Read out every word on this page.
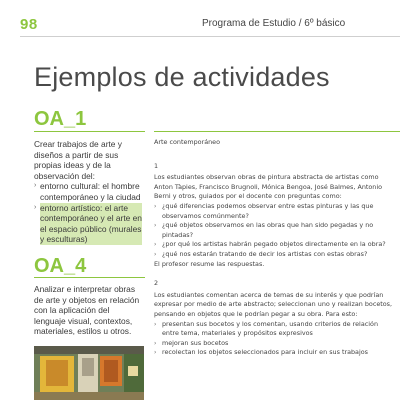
98	Programa de Estudio / 6º básico
Ejemplos de actividades
OA_1

Crear trabajos de arte y diseños a partir de sus propias ideas y de la observación del:

› entorno cultural: el hombre contemporáneo y la ciudad
› entorno artístico: el arte contemporáneo y el arte en el espacio público (murales y esculturas)
OA_4

Analizar e interpretar obras de arte y objetos en relación con la aplicación del lenguaje visual, contextos, materiales, estilos u otros.

Arte contemporáneo
1

Los estudiantes observan obras de pintura abstracta de artistas como Anton Tàpies, Francisco Brugnoli, Mónica Bengoa, José Balmes, Antonio Berni y otros, guiados por el docente con preguntas como:

› ¿qué diferencias podemos observar entre estas pinturas y las que observamos comúnmente?
› ¿qué objetos observamos en las obras que han sido pegadas y no pintadas?
› ¿por qué los artistas habrán pegado objetos directamente en la obra?
› ¿qué nos estarán tratando de decir los artistas con estas obras?

El profesor resume las respuestas.

2

Los estudiantes comentan acerca de temas de su interés y que podrían expresar por medio de arte abstracto; seleccionan uno y realizan bocetos, pensando en objetos que le podrían pegar a su obra. Para esto:

› presentan sus bocetos y los comentan, usando criterios de relación entre tema, materiales y propósitos expresivos
› mejoran sus bocetos
› recolectan los objetos seleccionados para incluir en sus trabajos
